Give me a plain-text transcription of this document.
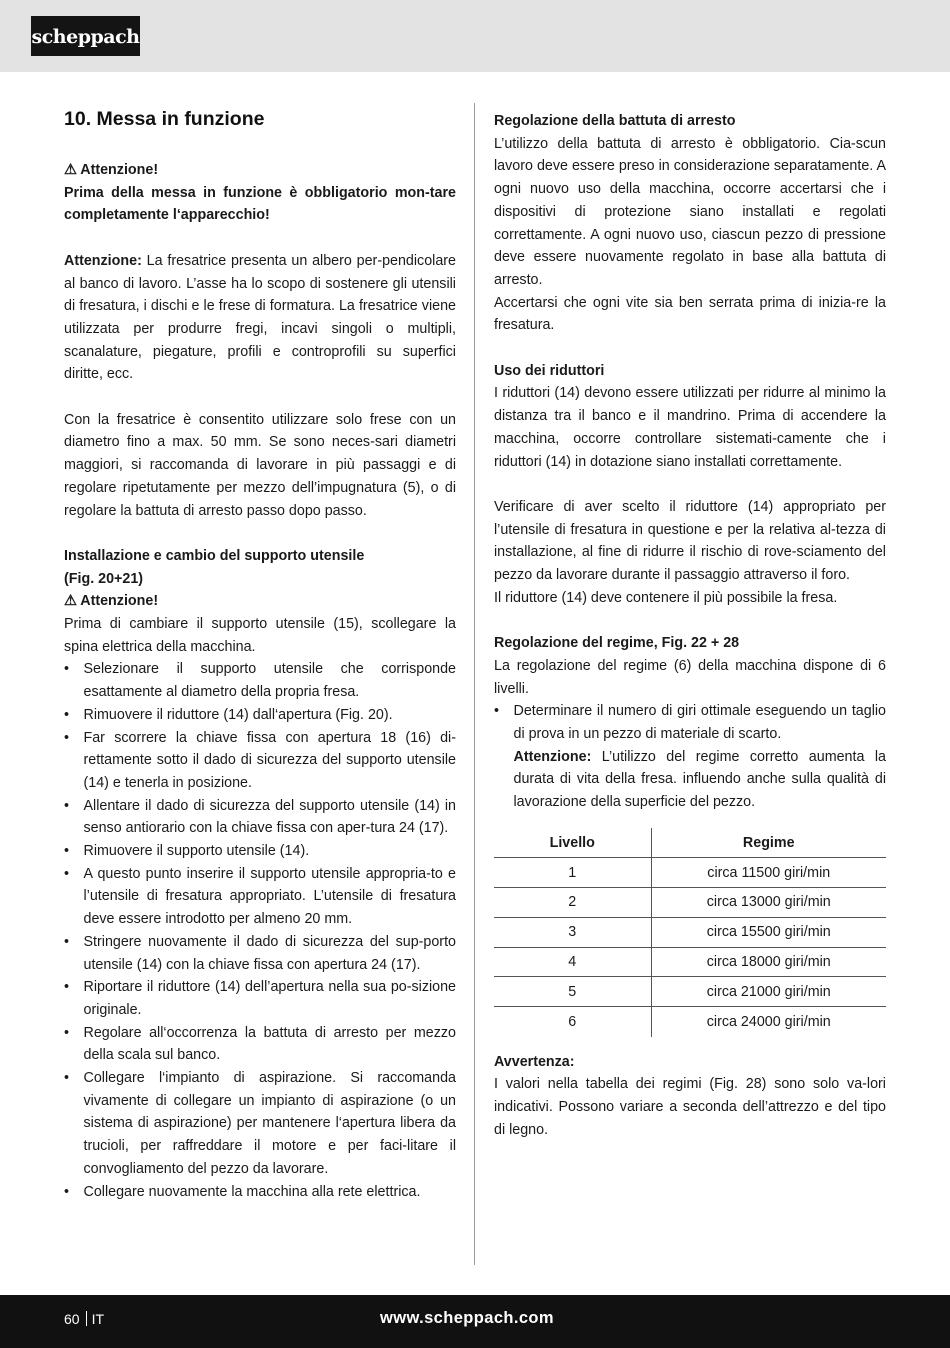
scheppach
10. Messa in funzione
⚠ Attenzione!
Prima della messa in funzione è obbligatorio mon-tare completamente l‘apparecchio!
Attenzione: La fresatrice presenta un albero per-pendicolare al banco di lavoro. L’asse ha lo scopo di sostenere gli utensili di fresatura, i dischi e le frese di formatura. La fresatrice viene utilizzata per produrre fregi, incavi singoli o multipli, scanalature, piegature, profili e controprofili su superfici diritte, ecc.
Con la fresatrice è consentito utilizzare solo frese con un diametro fino a max. 50 mm. Se sono neces-sari diametri maggiori, si raccomanda di lavorare in più passaggi e di regolare ripetutamente per mezzo dell’impugnatura (5), o di regolare la battuta di arresto passo dopo passo.
Installazione e cambio del supporto utensile
(Fig. 20+21)
⚠ Attenzione!
Prima di cambiare il supporto utensile (15), scollegare la spina elettrica della macchina.
• Selezionare il supporto utensile che corrisponde esattamente al diametro della propria fresa.
• Rimuovere il riduttore (14) dall‘apertura (Fig. 20).
• Far scorrere la chiave fissa con apertura 18 (16) di-rettamente sotto il dado di sicurezza del supporto utensile (14) e tenerla in posizione.
• Allentare il dado di sicurezza del supporto utensile (14) in senso antiorario con la chiave fissa con aper-tura 24 (17).
• Rimuovere il supporto utensile (14).
• A questo punto inserire il supporto utensile appropria-to e l’utensile di fresatura appropriato. L’utensile di fresatura deve essere introdotto per almeno 20 mm.
• Stringere nuovamente il dado di sicurezza del sup-porto utensile (14) con la chiave fissa con apertura 24 (17).
• Riportare il riduttore (14) dell’apertura nella sua po-sizione originale.
• Regolare all‘occorrenza la battuta di arresto per mezzo della scala sul banco.
• Collegare l‘impianto di aspirazione. Si raccomanda vivamente di collegare un impianto di aspirazione (o un sistema di aspirazione) per mantenere l‘apertura libera da trucioli, per raffreddare il motore e per faci-litare il convogliamento del pezzo da lavorare.
• Collegare nuovamente la macchina alla rete elettrica.
Regolazione della battuta di arresto
L’utilizzo della battuta di arresto è obbligatorio. Cia-scun lavoro deve essere preso in considerazione separatamente. A ogni nuovo uso della macchina, occorre accertarsi che i dispositivi di protezione siano installati e regolati correttamente. A ogni nuovo uso, ciascun pezzo di pressione deve essere nuovamente regolato in base alla battuta di arresto.
Accertarsi che ogni vite sia ben serrata prima di inizia-re la fresatura.
Uso dei riduttori
I riduttori (14) devono essere utilizzati per ridurre al minimo la distanza tra il banco e il mandrino. Prima di accendere la macchina, occorre controllare sistemati-camente che i riduttori (14) in dotazione siano installati correttamente.
Verificare di aver scelto il riduttore (14) appropriato per l’utensile di fresatura in questione e per la relativa al-tezza di installazione, al fine di ridurre il rischio di rove-sciamento del pezzo da lavorare durante il passaggio attraverso il foro.
Il riduttore (14) deve contenere il più possibile la fresa.
Regolazione del regime, Fig. 22 + 28
La regolazione del regime (6) della macchina dispone di 6 livelli.
• Determinare il numero di giri ottimale eseguendo un taglio di prova in un pezzo di materiale di scarto.
Attenzione: L’utilizzo del regime corretto aumenta la durata di vita della fresa. influendo anche sulla qualità di lavorazione della superficie del pezzo.
Livello	Regime
1	circa 11500 giri/min
2	circa 13000 giri/min
3	circa 15500 giri/min
4	circa 18000 giri/min
5	circa 21000 giri/min
6	circa 24000 giri/min
Avvertenza:
I valori nella tabella dei regimi (Fig. 28) sono solo va-lori indicativi. Possono variare a seconda dell’attrezzo e del tipo di legno.
60 IT	www.scheppach.com
